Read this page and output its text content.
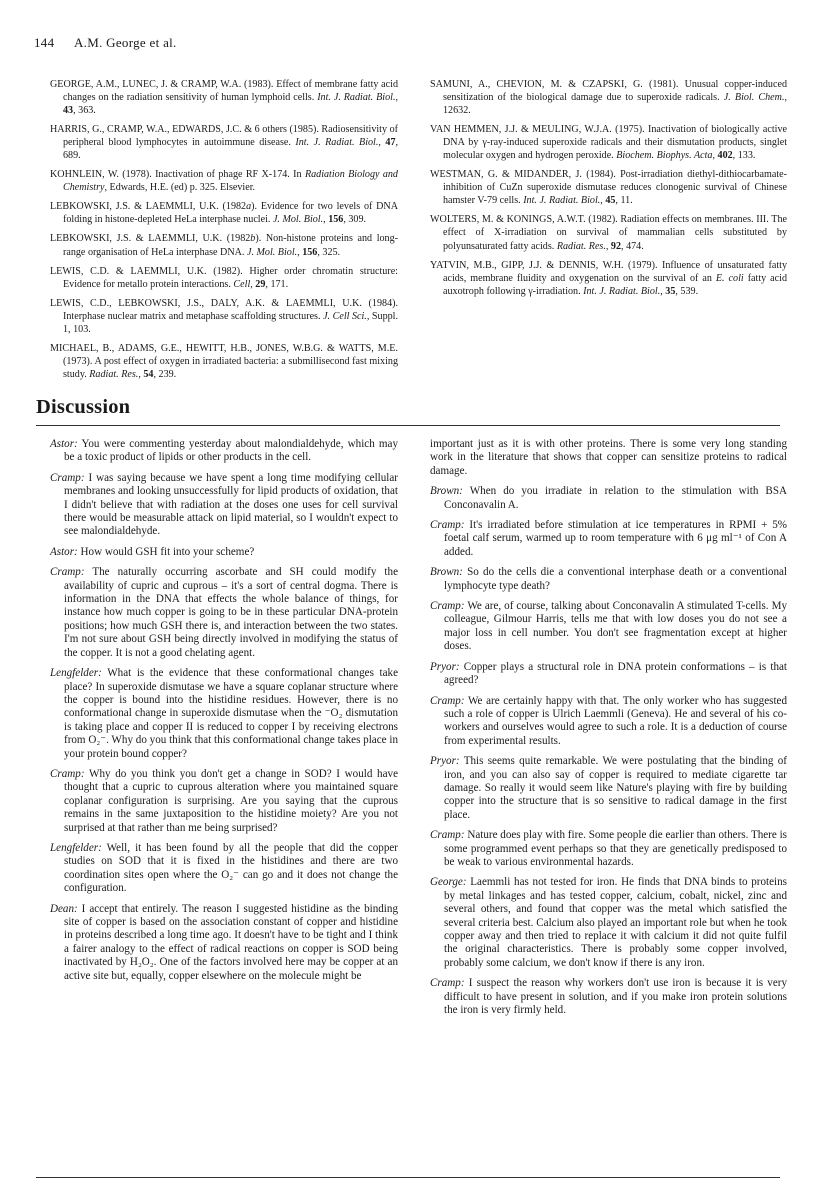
144 A.M. George et al.

GEORGE, A.M., LUNEC, J. & CRAMP, W.A. (1983). Effect of membrane fatty acid changes on the radiation sensitivity of human lymphoid cells. Int. J. Radiat. Biol., 43, 363.

HARRIS, G., CRAMP, W.A., EDWARDS, J.C. & 6 others (1985). Radiosensitivity of peripheral blood lymphocytes in autoimmune disease. Int. J. Radiat. Biol., 47, 689.

KOHNLEIN, W. (1978). Inactivation of phage RF X-174. In Radiation Biology and Chemistry, Edwards, H.E. (ed) p. 325. Elsevier.

LEBKOWSKI, J.S. & LAEMMLI, U.K. (1982a). Evidence for two levels of DNA folding in histone-depleted HeLa interphase nuclei. J. Mol. Biol., 156, 309.

LEBKOWSKI, J.S. & LAEMMLI, U.K. (1982b). Non-histone proteins and long-range organisation of HeLa interphase DNA. J. Mol. Biol., 156, 325.

LEWIS, C.D. & LAEMMLI, U.K. (1982). Higher order chromatin structure: Evidence for metallo protein interactions. Cell, 29, 171.

LEWIS, C.D., LEBKOWSKI, J.S., DALY, A.K. & LAEMMLI, U.K. (1984). Interphase nuclear matrix and metaphase scaffolding structures. J. Cell Sci., Suppl. 1, 103.

MICHAEL, B., ADAMS, G.E., HEWITT, H.B., JONES, W.B.G. & WATTS, M.E. (1973). A post effect of oxygen in irradiated bacteria: a submillisecond fast mixing study. Radiat. Res., 54, 239.

SAMUNI, A., CHEVION, M. & CZAPSKI, G. (1981). Unusual copper-induced sensitization of the biological damage due to superoxide radicals. J. Biol. Chem., 12632.

VAN HEMMEN, J.J. & MEULING, W.J.A. (1975). Inactivation of biologically active DNA by γ-ray-induced superoxide radicals and their dismutation products, singlet molecular oxygen and hydrogen peroxide. Biochem. Biophys. Acta, 402, 133.

WESTMAN, G. & MIDANDER, J. (1984). Post-irradiation diethyl-dithiocarbamate-inhibition of CuZn superoxide dismutase reduces clonogenic survival of Chinese hamster V-79 cells. Int. J. Radiat. Biol., 45, 11.

WOLTERS, M. & KONINGS, A.W.T. (1982). Radiation effects on membranes. III. The effect of X-irradiation on survival of mammalian cells substituted by polyunsaturated fatty acids. Radiat. Res., 92, 474.

YATVIN, M.B., GIPP, J.J. & DENNIS, W.H. (1979). Influence of unsaturated fatty acids, membrane fluidity and oxygenation on the survival of an E. coli fatty acid auxotroph following γ-irradiation. Int. J. Radiat. Biol., 35, 539.

Discussion

Astor: You were commenting yesterday about malondialdehyde, which may be a toxic product of lipids or other products in the cell.

Cramp: I was saying because we have spent a long time modifying cellular membranes and looking unsuccessfully for lipid products of oxidation, that I didn't believe that with radiation at the doses one uses for cell survival there would be measurable attack on lipid material, so I wouldn't expect to see malondialdehyde.

Astor: How would GSH fit into your scheme?

Cramp: The naturally occurring ascorbate and SH could modify the availability of cupric and cuprous – it's a sort of central dogma. There is information in the DNA that effects the whole balance of things, for instance how much copper is going to be in these particular DNA-protein positions; how much GSH there is, and interaction between the two states. I'm not sure about GSH being directly involved in modifying the status of the copper. It is not a good chelating agent.

Lengfelder: What is the evidence that these conformational changes take place? In superoxide dismutase we have a square coplanar structure where the copper is bound into the histidine residues. However, there is no conformational change in superoxide dismutase when the ⁻O₂ dismutation is taking place and copper II is reduced to copper I by receiving electrons from O₂⁻. Why do you think that this conformational change takes place in your protein bound copper?

Cramp: Why do you think you don't get a change in SOD? I would have thought that a cupric to cuprous alteration where you maintained square coplanar configuration is surprising. Are you saying that the cuprous remains in the same juxtaposition to the histidine moiety? Are you not surprised at that rather than me being surprised?

Lengfelder: Well, it has been found by all the people that did the copper studies on SOD that it is fixed in the histidines and there are two coordination sites open where the O₂⁻ can go and it does not change the configuration.

Dean: I accept that entirely. The reason I suggested histidine as the binding site of copper is based on the association constant of copper and histidine in proteins described a long time ago. It doesn't have to be tight and I think a fairer analogy to the effect of radical reactions on copper is SOD being inactivated by H₂O₂. One of the factors involved here may be copper at an active site but, equally, copper elsewhere on the molecule might be

important just as it is with other proteins. There is some very long standing work in the literature that shows that copper can sensitize proteins to radical damage.

Brown: When do you irradiate in relation to the stimulation with BSA Conconavalin A.

Cramp: It's irradiated before stimulation at ice temperatures in RPMI + 5% foetal calf serum, warmed up to room temperature with 6 μg ml⁻¹ of Con A added.

Brown: So do the cells die a conventional interphase death or a conventional lymphocyte type death?

Cramp: We are, of course, talking about Conconavalin A stimulated T-cells. My colleague, Gilmour Harris, tells me that with low doses you do not see a major loss in cell number. You don't see fragmentation except at higher doses.

Pryor: Copper plays a structural role in DNA protein conformations – is that agreed?

Cramp: We are certainly happy with that. The only worker who has suggested such a role of copper is Ulrich Laemmli (Geneva). He and several of his co-workers and ourselves would agree to such a role. It is a deduction of course from experimental results.

Pryor: This seems quite remarkable. We were postulating that the binding of iron, and you can also say of copper is required to mediate cigarette tar damage. So really it would seem like Nature's playing with fire by building copper into the structure that is so sensitive to radical damage in the first place.

Cramp: Nature does play with fire. Some people die earlier than others. There is some programmed event perhaps so that they are genetically predisposed to be weak to various environmental hazards.

George: Laemmli has not tested for iron. He finds that DNA binds to proteins by metal linkages and has tested copper, calcium, cobalt, nickel, zinc and several others, and found that copper was the metal which satisfied the several criteria best. Calcium also played an important role but when he took copper away and then tried to replace it with calcium it did not quite fulfil the original characteristics. There is probably some copper involved, probably some calcium, we don't know if there is any iron.

Cramp: I suspect the reason why workers don't use iron is because it is very difficult to have present in solution, and if you make iron protein solutions the iron is very firmly held.
